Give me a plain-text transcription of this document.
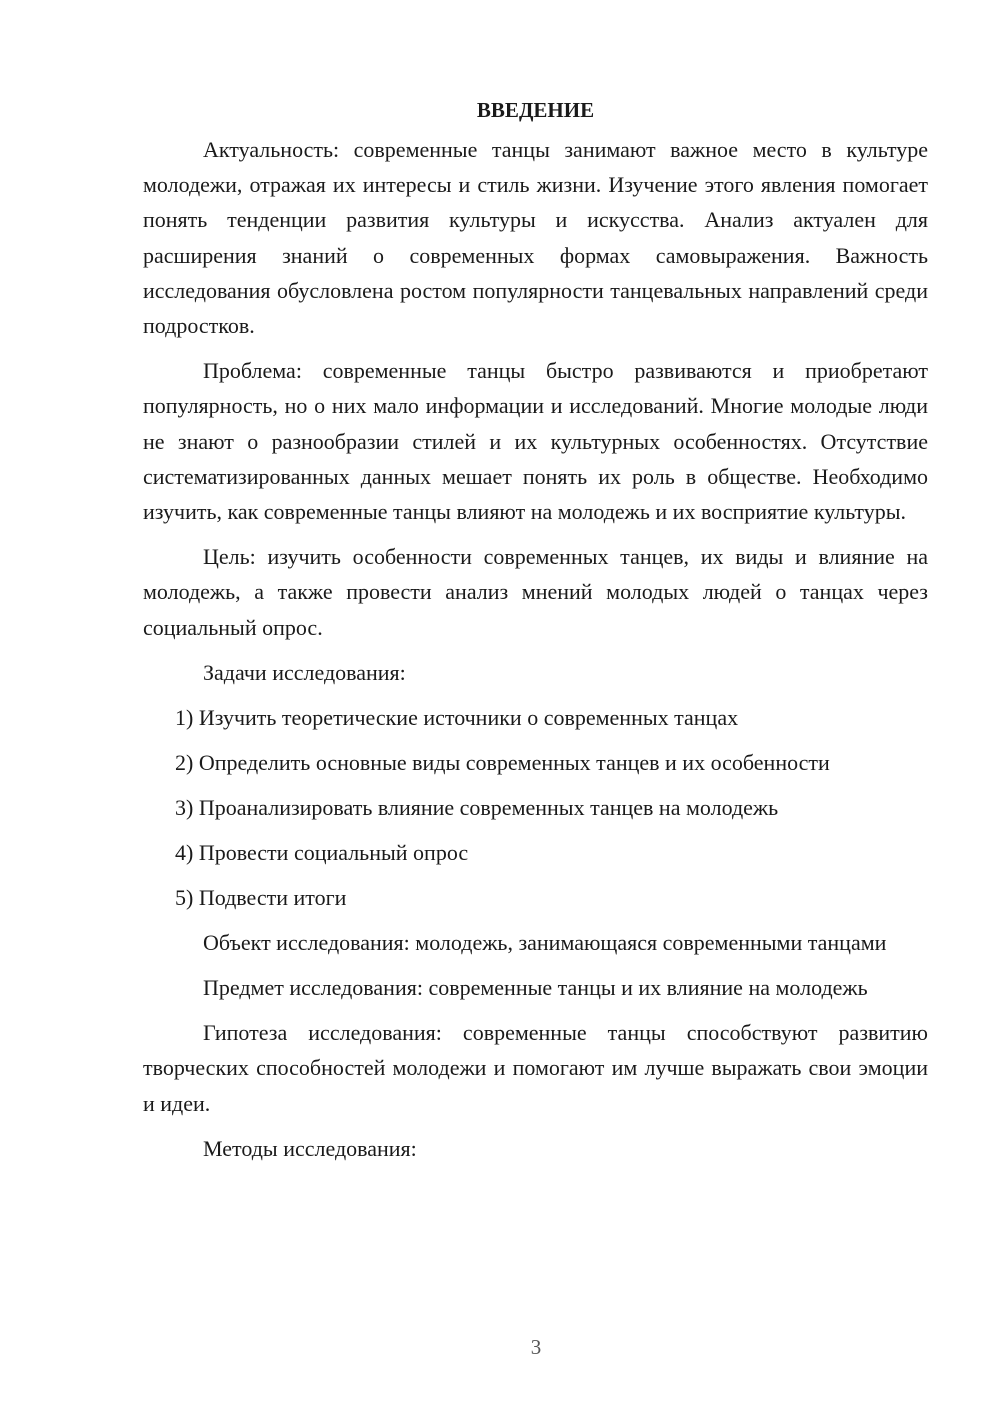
ВВЕДЕНИЕ

Актуальность: современные танцы занимают важное место в культуре молодежи, отражая их интересы и стиль жизни. Изучение этого явления помогает понять тенденции развития культуры и искусства. Анализ актуален для расширения знаний о современных формах самовыражения. Важность исследования обусловлена ростом популярности танцевальных направлений среди подростков.

Проблема: современные танцы быстро развиваются и приобретают популярность, но о них мало информации и исследований. Многие молодые люди не знают о разнообразии стилей и их культурных особенностях. Отсутствие систематизированных данных мешает понять их роль в обществе. Необходимо изучить, как современные танцы влияют на молодежь и их восприятие культуры.

Цель: изучить особенности современных танцев, их виды и влияние на молодежь, а также провести анализ мнений молодых людей о танцах через социальный опрос.

Задачи исследования:

1) Изучить теоретические источники о современных танцах
2) Определить основные виды современных танцев и их особенности
3) Проанализировать влияние современных танцев на молодежь
4) Провести социальный опрос
5) Подвести итоги

Объект исследования: молодежь, занимающаяся современными танцами

Предмет исследования: современные танцы и их влияние на молодежь

Гипотеза исследования: современные танцы способствуют развитию творческих способностей молодежи и помогают им лучше выражать свои эмоции и идеи.

Методы исследования:

3
